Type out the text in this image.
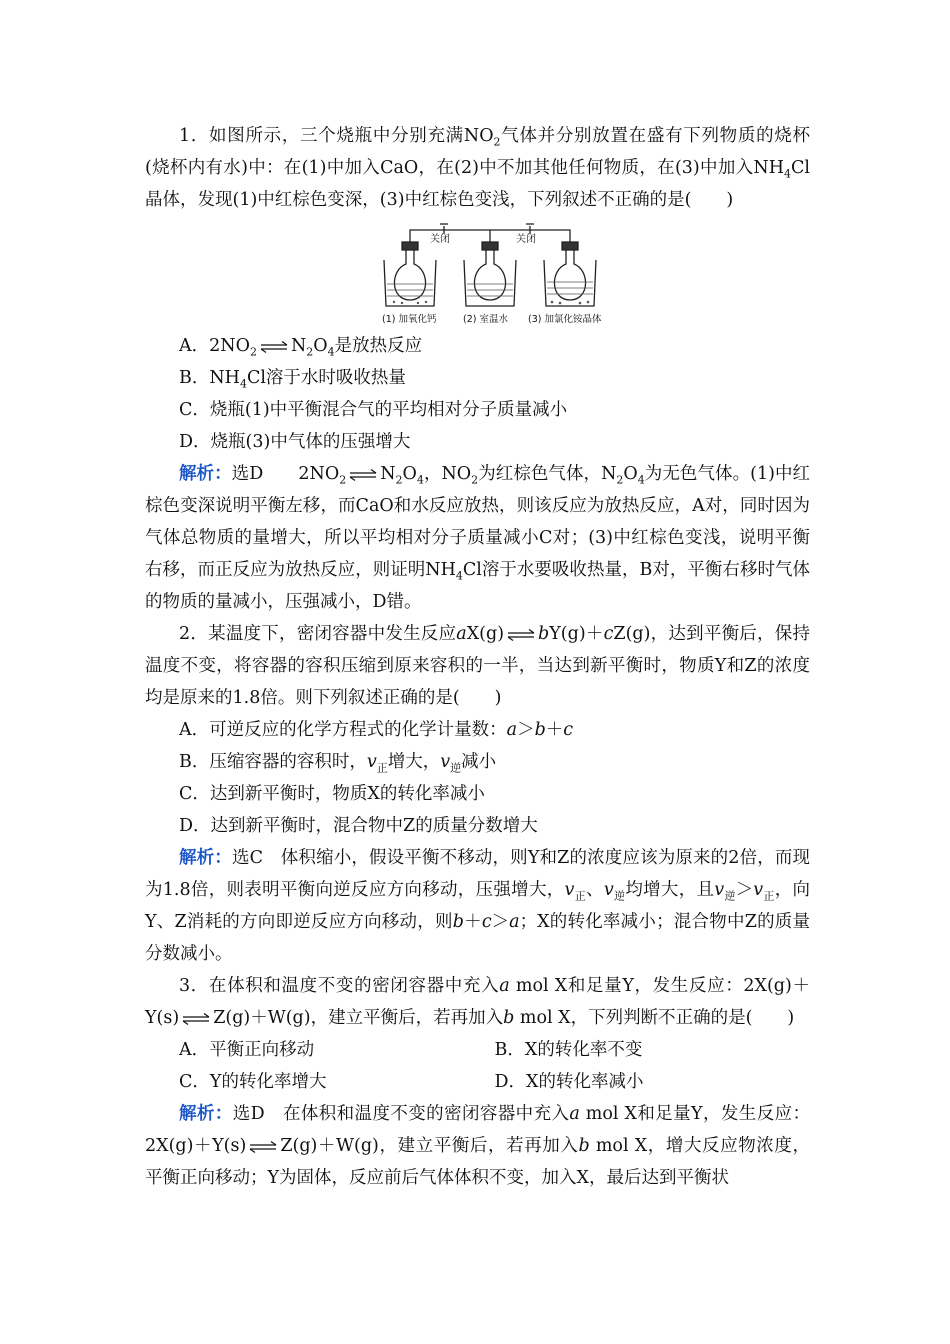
1．如图所示，三个烧瓶中分别充满$NO_2$气体并分别放置在盛有下列物质的烧杯(烧杯内有水)中：在(1)中加入CaO，在(2)中不加其他任何物质，在(3)中加入$NH_4Cl$晶体，发现(1)中红棕色变深，(3)中红棕色变浅，下列叙述不正确的是(　　)

关闭	关闭
(1) 加氧化钙	(2) 室温水 (3) 加氯化铵晶体

A．$2NO_2$ ⇌ $N_2O_4$是放热反应

B．$NH_4Cl$溶于水时吸收热量

C．烧瓶(1)中平衡混合气的平均相对分子质量减小

D．烧瓶(3)中气体的压强增大

解析：选D　　$2NO_2$ ⇌ $N_2O_4$，$NO_2$为红棕色气体，$N_2O_4$为无色气体。(1)中红棕色变深说明平衡左移，而CaO和水反应放热，则该反应为放热反应，A对，同时因为气体总物质的量增大，所以平均相对分子质量减小C对；(3)中红棕色变浅，说明平衡右移，而正反应为放热反应，则证明$NH_4Cl$溶于水要吸收热量，B对，平衡右移时气体的物质的量减小，压强减小，D错。

2．某温度下，密闭容器中发生反应aX(g) ⇌ bY(g)＋cZ(g)，达到平衡后，保持温度不变，将容器的容积压缩到原来容积的一半，当达到新平衡时，物质Y和Z的浓度均是原来的1.8倍。则下列叙述正确的是(　　)

A．可逆反应的化学方程式的化学计量数：a＞b＋c

B．压缩容器的容积时，$v_正$增大，$v_逆$减小

C．达到新平衡时，物质X的转化率减小

D．达到新平衡时，混合物中Z的质量分数增大

解析：选C　体积缩小，假设平衡不移动，则Y和Z的浓度应该为原来的2倍，而现为1.8倍，则表明平衡向逆反应方向移动，压强增大，$v_正$、$v_逆$均增大，且$v_逆>v_正$，向Y、Z消耗的方向即逆反应方向移动，则b＋c＞a；X的转化率减小；混合物中Z的质量分数减小。

3．在体积和温度不变的密闭容器中充入a mol X和足量Y，发生反应：2X(g)＋Y(s) ⇌ Z(g)＋W(g)，建立平衡后，若再加入b mol X，下列判断不正确的是(　　)

A．平衡正向移动	B．X的转化率不变
C．Y的转化率增大	D．X的转化率减小

解析：选D　在体积和温度不变的密闭容器中充入a mol X和足量Y，发生反应：2X(g)＋Y(s) ⇌ Z(g)＋W(g)，建立平衡后，若再加入b mol X，增大反应物浓度，平衡正向移动；Y为固体，反应前后气体体积不变，加入X，最后达到平衡状
